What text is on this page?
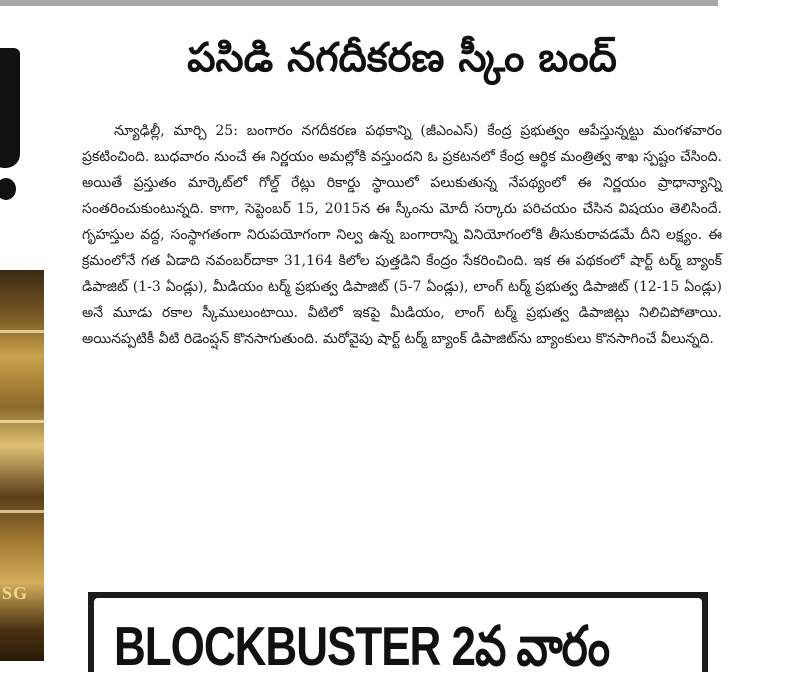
SG
పసిడి నగదీకరణ స్కీం బంద్
న్యూఢిల్లీ, మార్చి 25: బంగారం నగదీకరణ పథకాన్ని (జీఎంఎస్) కేంద్ర ప్రభుత్వం ఆపేస్తున్నట్టు మంగళవారం ప్రకటించింది. బుధవారం నుంచే ఈ నిర్ణయం అమల్లోకి వస్తుందని ఓ ప్రకటనలో కేంద్ర ఆర్థిక మంత్రిత్వ శాఖ స్పష్టం చేసింది. అయితే ప్రస్తుతం మార్కెట్‌లో గోల్డ్ రేట్లు రికార్డు స్థాయిలో పలుకుతున్న నేపథ్యంలో ఈ నిర్ణయం ప్రాధాన్యాన్ని సంతరించుకుంటున్నది. కాగా, సెప్టెంబర్ 15, 2015న ఈ స్కీంను మోదీ సర్కారు పరిచయం చేసిన విషయం తెలిసిందే. గృహస్తుల వద్ద, సంస్థాగతంగా నిరుపయోగంగా నిల్వ ఉన్న బంగారాన్ని వినియోగంలోకి తీసుకురావడమే దీని లక్ష్యం. ఈ క్రమంలోనే గత ఏడాది నవంబర్‌దాకా 31,164 కిలోల పుత్తడిని కేంద్రం సేకరించింది. ఇక ఈ పథకంలో షార్ట్ టర్మ్ బ్యాంక్ డిపాజిట్ (1-3 ఏండ్లు), మీడియం టర్మ్ ప్రభుత్వ డిపాజిట్ (5-7 ఏండ్లు), లాంగ్ టర్మ్ ప్రభుత్వ డిపాజిట్ (12-15 ఏండ్లు) అనే మూడు రకాల స్కీములుంటాయి. వీటిలో ఇకపై మీడియం, లాంగ్ టర్మ్ ప్రభుత్వ డిపాజిట్లు నిలిచిపోతాయి. అయినప్పటికీ వీటి రిడెంప్షన్ కొనసాగుతుంది. మరోవైపు షార్ట్ టర్మ్ బ్యాంక్ డిపాజిట్‌ను బ్యాంకులు కొనసాగించే వీలున్నది.
BLOCKBUSTER 2వ వారం
